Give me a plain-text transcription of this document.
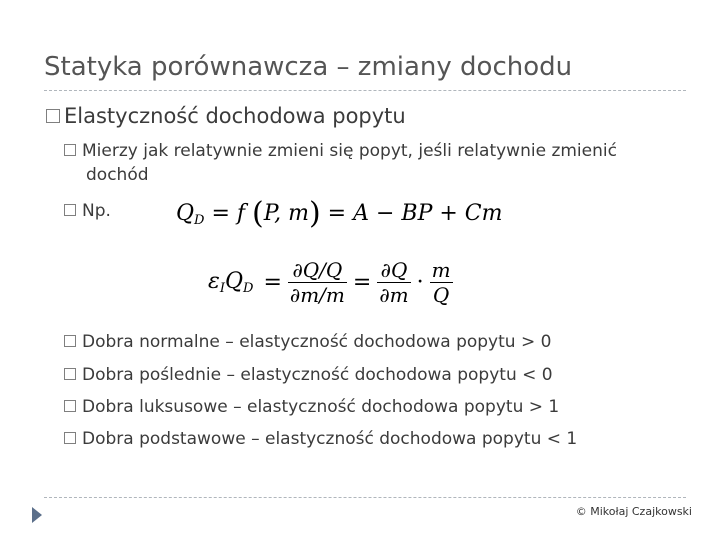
Statyka porównawcza – zmiany dochodu
Elastyczność dochodowa popytu
Mierzy jak relatywnie zmieni się popyt, jeśli relatywnie zmienić
dochód
Np.	$Q_D = f$ (P, m) = A − BP + Cm
$\varepsilon_IQ_D = \frac{\partial Q/Q}{\partial m/m} = \frac{\partial Q}{\partial m} \cdot \frac{m}{Q}$
Dobra normalne – elastyczność dochodowa popytu > 0
Dobra poślednie – elastyczność dochodowa popytu < 0
Dobra luksusowe – elastyczność dochodowa popytu > 1
Dobra podstawowe – elastyczność dochodowa popytu < 1
© Mikołaj Czajkowski
